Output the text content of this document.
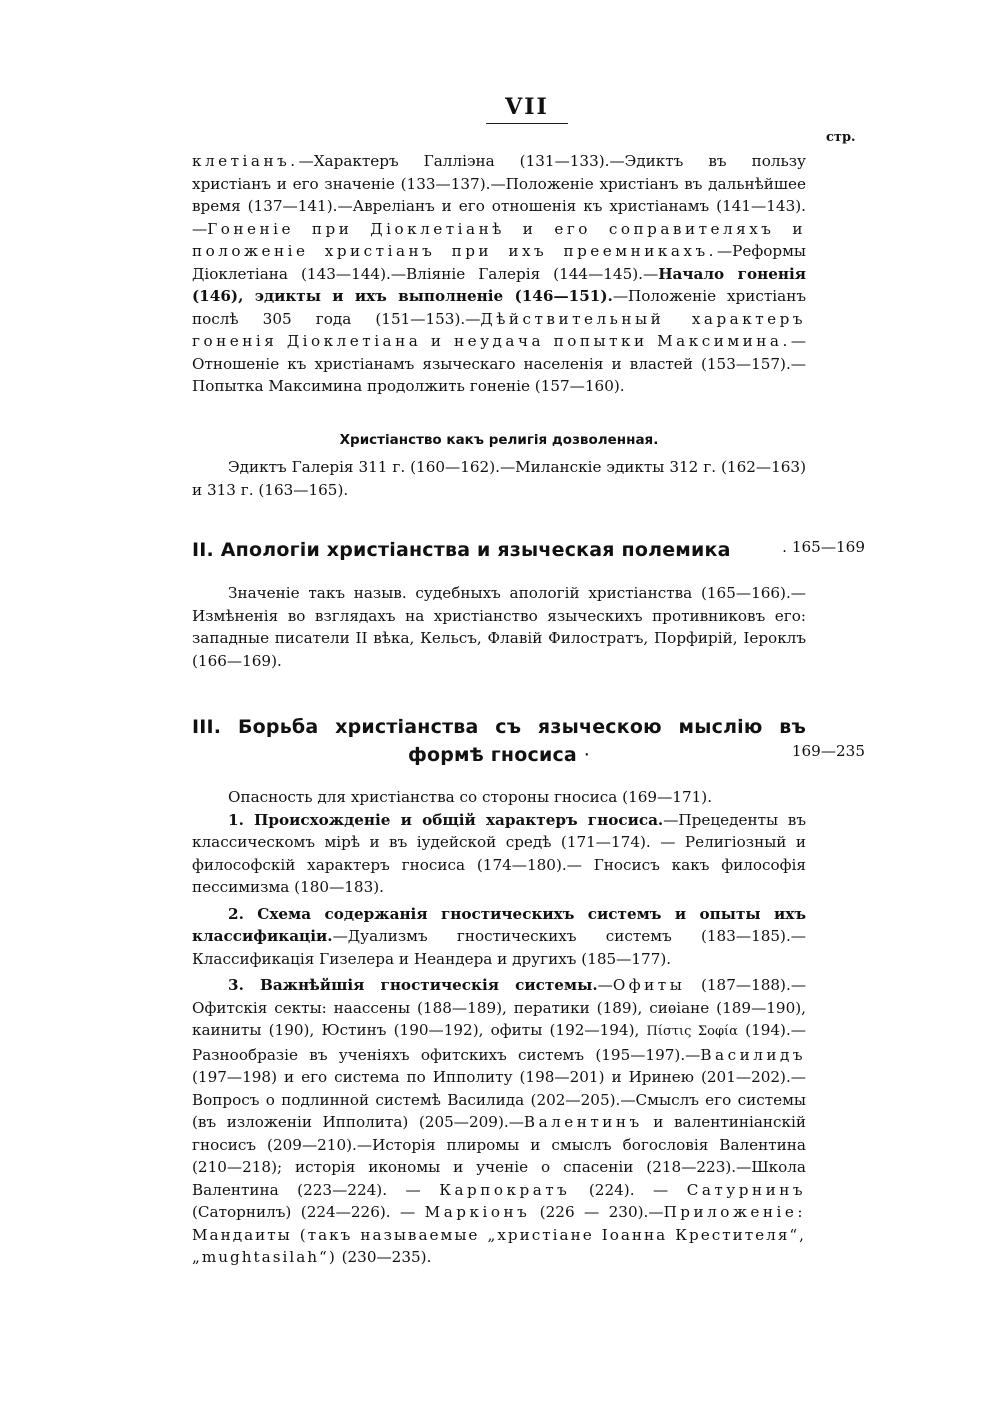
VII
стр.

клетіанъ.—Характеръ Галліэна (131—133).—Эдиктъ въ пользу христіанъ и его значеніе (133—137).—Положеніе христіанъ въ дальнѣйшее время (137—141).—Авреліанъ и его отношенія къ христіанамъ (141—143).—Гоненіе при Діоклетіанѣ и его соправителяхъ и положеніе христіанъ при ихъ преемникахъ.—Реформы Діоклетіана (143—144).—Вліяніе Галерія (144—145).—Начало гоненія (146), эдикты и ихъ выполненіе (146—151).—Положеніе христіанъ послѣ 305 года (151—153).—Дѣйствительный характеръ гоненія Діоклетіана и неудача попытки Максимина.—Отношеніе къ христіанамъ языческаго населенія и властей (153—157).—Попытка Максимина продолжить гоненіе (157—160).

Христіанство какъ религія дозволенная.

Эдиктъ Галерія 311 г. (160—162).—Миланскіе эдикты 312 г. (162—163) и 313 г. (163—165).

II. Апологіи христіанства и языческая полемика	. 165—169

Значеніе такъ назыв. судебныхъ апологій христіанства (165—166).—Измѣненія во взглядахъ на христіанство языческихъ противниковъ его: западные писатели II вѣка, Кельсъ, Флавій Филостратъ, Порфирій, Іероклъ (166—169).

III. Борьба христіанства съ языческою мыслію въ
формѣ гносиса ·	169—235

Опасность для христіанства со стороны гносиса (169—171).

1. Происхожденіе и общій характеръ гносиса.—Прецеденты въ классическомъ мірѣ и въ іудейской средѣ (171—174). — Религіозный и философскій характеръ гносиса (174—180).— Гносисъ какъ философія пессимизма (180—183).

2. Схема содержанія гностическихъ системъ и опыты ихъ классификаціи.—Дуализмъ гностическихъ системъ (183—185).—Классификація Гизелера и Неандера и другихъ (185—177).

3. Важнѣйшія гностическія системы.—Офиты (187—188).—Офитскія секты: наассены (188—189), ператики (189), сиѳіане (189—190), каиниты (190), Юстинъ (190—192), офиты (192—194), Πίστις Σοφία (194).—Разнообразіе въ ученіяхъ офитскихъ системъ (195—197).—Василидъ (197—198) и его система по Ипполиту (198—201) и Иринею (201—202).—Вопросъ о подлинной системѣ Василида (202—205).—Смыслъ его системы (въ изложеніи Ипполита) (205—209).—Валентинъ и валентиніанскій гносисъ (209—210).—Исторія плиромы и смыслъ богословія Валентина (210—218); исторія икономы и ученіе о спасеніи (218—223).—Школа Валентина (223—224). — Карпократъ (224). — Сатурнинъ (Саторнилъ) (224—226). — Маркіонъ (226 — 230).—Приложеніе: Мандаиты (такъ называемые „христіане Іоанна Крестителя“, „mughtasilah“) (230—235).
